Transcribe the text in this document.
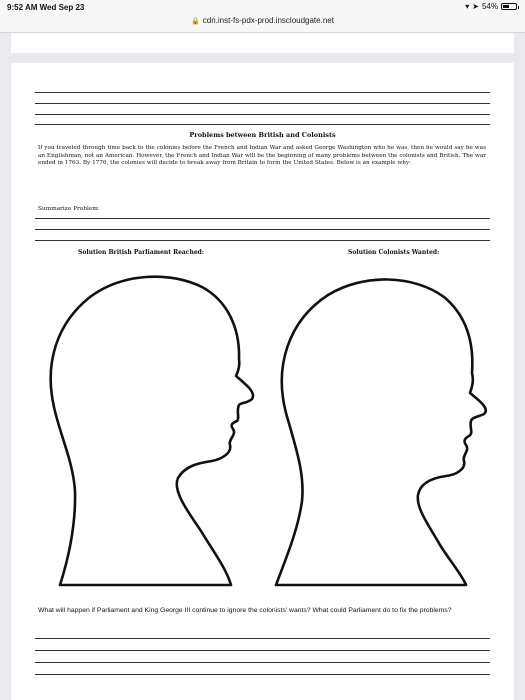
9:52 AM Wed Sep 23	▾ ➤ 54%
🔒 cdn.inst-fs-pdx-prod.inscloudgate.net
Problems between British and Colonists
If you traveled through time back to the colonies before the French and Indian War and asked George Washington who he was, then he would say he was an Englishman, not an American. However, the French and Indian War will be the beginning of many problems between the colonists and British. The war ended in 1763. By 1776, the colonies will decide to break away from Britain to form the United States. Below is an example why:
Summarize Problem:
Solution British Parliament Reached:	Solution Colonists Wanted:
What will happen if Parliament and King George III continue to ignore the colonists' wants? What could Parliament do to fix the problems?
